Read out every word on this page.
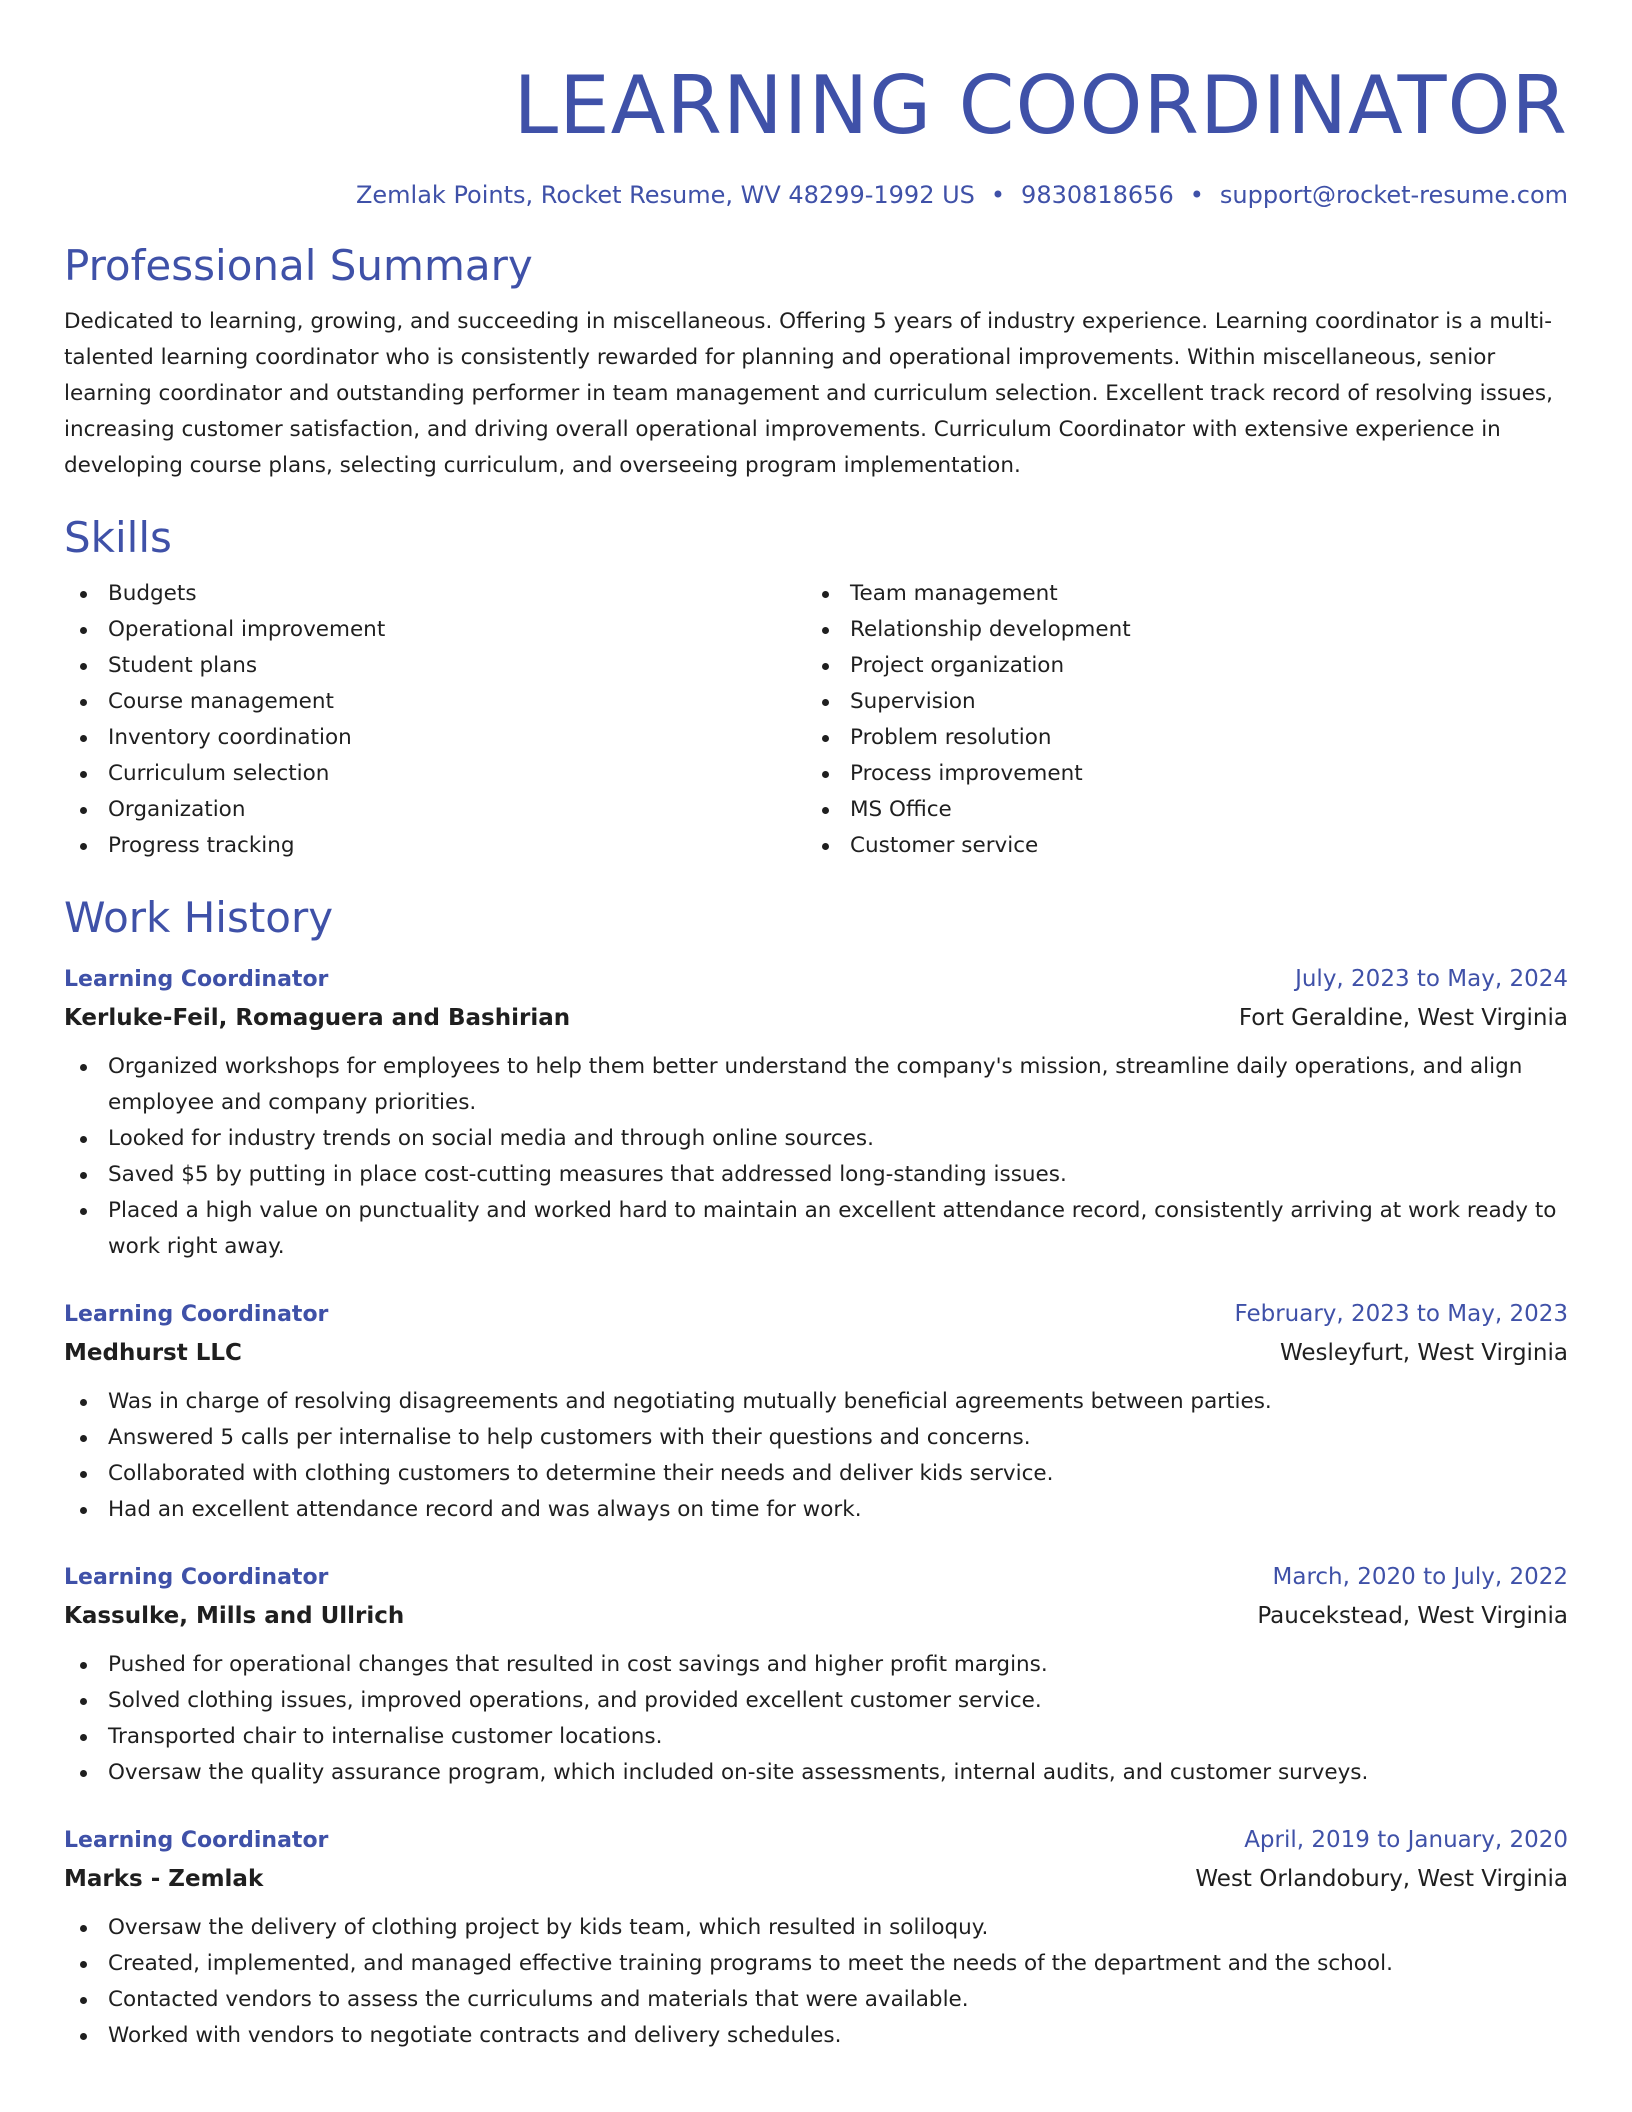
LEARNING COORDINATOR
Zemlak Points, Rocket Resume, WV 48299-1992 US • 9830818656 • support@rocket-resume.com
Professional Summary
Dedicated to learning, growing, and succeeding in miscellaneous. Offering 5 years of industry experience. Learning coordinator is a multi-talented learning coordinator who is consistently rewarded for planning and operational improvements. Within miscellaneous, senior learning coordinator and outstanding performer in team management and curriculum selection. Excellent track record of resolving issues, increasing customer satisfaction, and driving overall operational improvements. Curriculum Coordinator with extensive experience in developing course plans, selecting curriculum, and overseeing program implementation.
Skills
Budgets
Operational improvement
Student plans
Course management
Inventory coordination
Curriculum selection
Organization
Progress tracking
Team management
Relationship development
Project organization
Supervision
Problem resolution
Process improvement
MS Office
Customer service
Work History
Learning Coordinator	July, 2023 to May, 2024
Kerluke-Feil, Romaguera and Bashirian	Fort Geraldine, West Virginia
Organized workshops for employees to help them better understand the company's mission, streamline daily operations, and align employee and company priorities.
Looked for industry trends on social media and through online sources.
Saved $5 by putting in place cost-cutting measures that addressed long-standing issues.
Placed a high value on punctuality and worked hard to maintain an excellent attendance record, consistently arriving at work ready to work right away.
Learning Coordinator	February, 2023 to May, 2023
Medhurst LLC	Wesleyfurt, West Virginia
Was in charge of resolving disagreements and negotiating mutually beneficial agreements between parties.
Answered 5 calls per internalise to help customers with their questions and concerns.
Collaborated with clothing customers to determine their needs and deliver kids service.
Had an excellent attendance record and was always on time for work.
Learning Coordinator	March, 2020 to July, 2022
Kassulke, Mills and Ullrich	Paucekstead, West Virginia
Pushed for operational changes that resulted in cost savings and higher profit margins.
Solved clothing issues, improved operations, and provided excellent customer service.
Transported chair to internalise customer locations.
Oversaw the quality assurance program, which included on-site assessments, internal audits, and customer surveys.
Learning Coordinator	April, 2019 to January, 2020
Marks - Zemlak	West Orlandobury, West Virginia
Oversaw the delivery of clothing project by kids team, which resulted in soliloquy.
Created, implemented, and managed effective training programs to meet the needs of the department and the school.
Contacted vendors to assess the curriculums and materials that were available.
Worked with vendors to negotiate contracts and delivery schedules.
